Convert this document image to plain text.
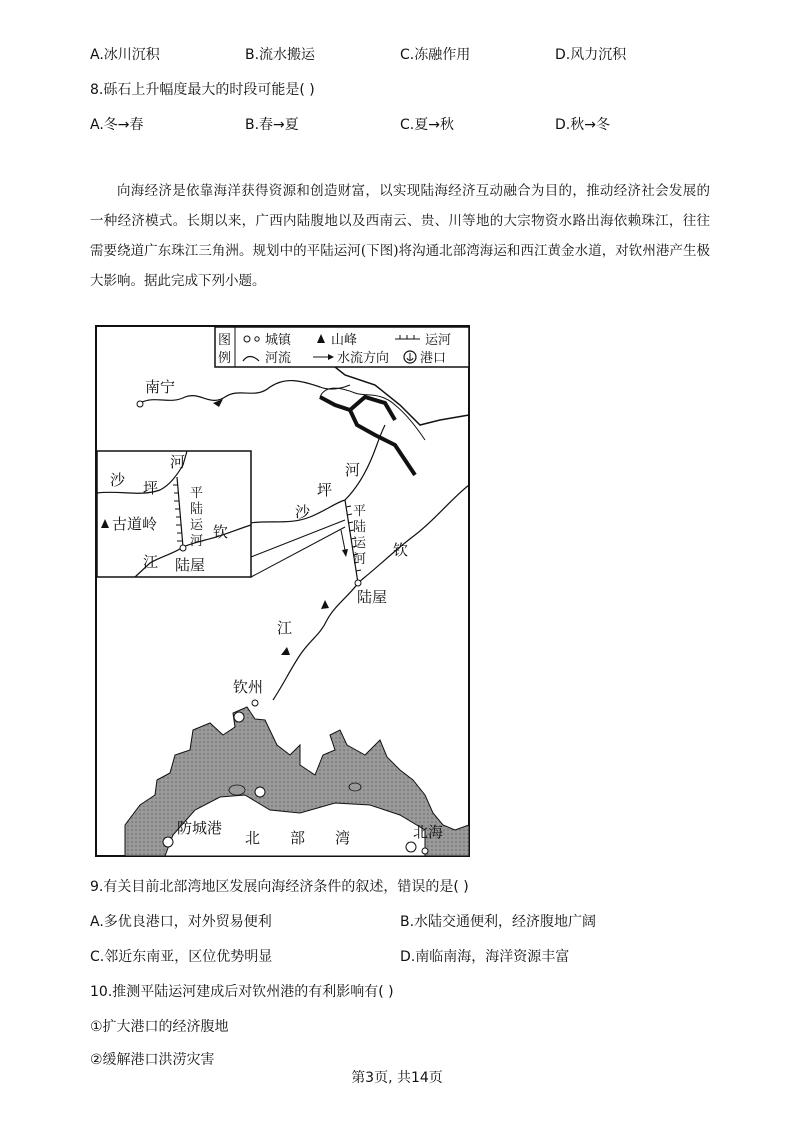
A.冰川沉积	B.流水搬运	C.冻融作用	D.风力沉积
8.砾石上升幅度最大的时段可能是( )
A.冬→春	B.春→夏	C.夏→秋	D.秋→冬
向海经济是依靠海洋获得资源和创造财富，以实现陆海经济互动融合为目的，推动经济社会发展的一种经济模式。长期以来，广西内陆腹地以及西南云、贵、川等地的大宗物资水路出海依赖珠江，往往需要绕道广东珠江三角洲。规划中的平陆运河(下图)将沟通北部湾海运和西江黄金水道，对钦州港产生极大影响。据此完成下列小题。
图
例
城镇	山峰	运河
河流	水流方向 港口
南宁
沙
坪
河
平
陆
运
河
钦
陆屋
江
钦州
防城港
北 部 湾	北海
沙 坪
河
平
陆
运
河
钦
江 陆屋
古道岭
9.有关目前北部湾地区发展向海经济条件的叙述，错误的是( )
A.多优良港口，对外贸易便利	B.水陆交通便利，经济腹地广阔
C.邻近东南亚，区位优势明显	D.南临南海，海洋资源丰富
10.推测平陆运河建成后对钦州港的有利影响有( )
①扩大港口的经济腹地
②缓解港口洪涝灾害
第3页, 共14页
